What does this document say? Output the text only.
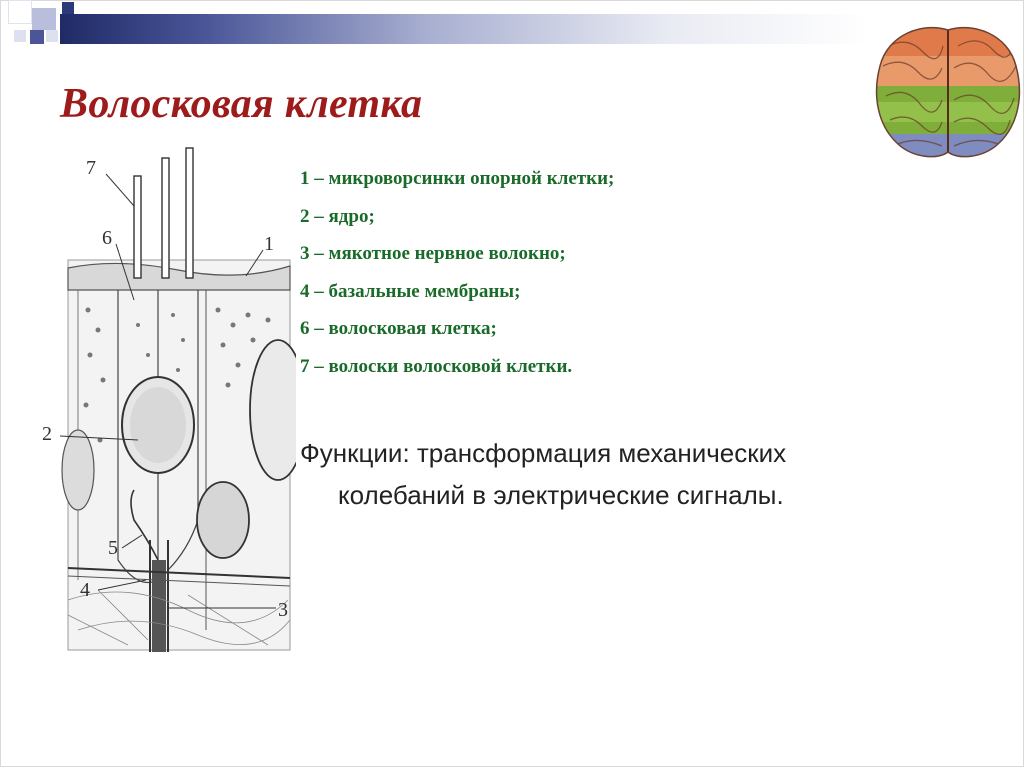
Волосковая клетка
7
6	1
2
5
4
3
1 – микроворсинки опорной клетки;
2 – ядро;
3 – мякотное нервное волокно;
4 – базальные мембраны;
6 – волосковая клетка;
7 – волоски волосковой клетки.
Функции: трансформация механических
колебаний в электрические сигналы.
